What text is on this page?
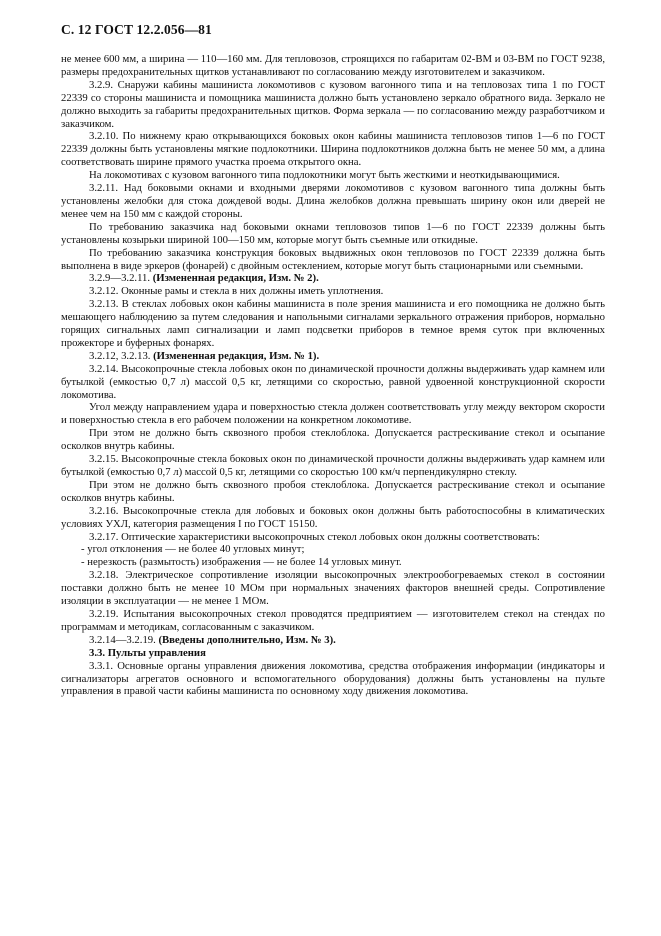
С. 12 ГОСТ 12.2.056—81

не менее 600 мм, а ширина — 110—160 мм. Для тепловозов, строящихся по габаритам 02-ВМ и 03-ВМ по ГОСТ 9238, размеры предохранительных щитков устанавливают по согласованию между изготовителем и заказчиком.

3.2.9. Снаружи кабины машиниста локомотивов с кузовом вагонного типа и на тепловозах типа 1 по ГОСТ 22339 со стороны машиниста и помощника машиниста должно быть установлено зеркало обратного вида. Зеркало не должно выходить за габариты предохранительных щитков. Форма зеркала — по согласованию между разработчиком и заказчиком.

3.2.10. По нижнему краю открывающихся боковых окон кабины машиниста тепловозов типов 1—6 по ГОСТ 22339 должны быть установлены мягкие подлокотники. Ширина подлокотников должна быть не менее 50 мм, а длина соответствовать ширине прямого участка проема открытого окна.

На локомотивах с кузовом вагонного типа подлокотники могут быть жесткими и неоткидывающимися.

3.2.11. Над боковыми окнами и входными дверями локомотивов с кузовом вагонного типа должны быть установлены желобки для стока дождевой воды. Длина желобков должна превышать ширину окон или дверей не менее чем на 150 мм с каждой стороны.

По требованию заказчика над боковыми окнами тепловозов типов 1—6 по ГОСТ 22339 должны быть установлены козырьки шириной 100—150 мм, которые могут быть съемные или откидные.

По требованию заказчика конструкция боковых выдвижных окон тепловозов по ГОСТ 22339 должна быть выполнена в виде эркеров (фонарей) с двойным остеклением, которые могут быть стационарными или съемными.

3.2.9—3.2.11. (Измененная редакция, Изм. № 2).

3.2.12. Оконные рамы и стекла в них должны иметь уплотнения.

3.2.13. В стеклах лобовых окон кабины машиниста в поле зрения машиниста и его помощника не должно быть мешающего наблюдению за путем следования и напольными сигналами зеркального отражения приборов, нормально горящих сигнальных ламп сигнализации и ламп подсветки приборов в темное время суток при включенных прожекторе и буферных фонарях.

3.2.12, 3.2.13. (Измененная редакция, Изм. № 1).

3.2.14. Высокопрочные стекла лобовых окон по динамической прочности должны выдерживать удар камнем или бутылкой (емкостью 0,7 л) массой 0,5 кг, летящими со скоростью, равной удвоенной конструкционной скорости локомотива.

Угол между направлением удара и поверхностью стекла должен соответствовать углу между вектором скорости и поверхностью стекла в его рабочем положении на конкретном локомотиве.

При этом не должно быть сквозного пробоя стеклоблока. Допускается растрескивание стекол и осыпание осколков внутрь кабины.

3.2.15. Высокопрочные стекла боковых окон по динамической прочности должны выдерживать удар камнем или бутылкой (емкостью 0,7 л) массой 0,5 кг, летящими со скоростью 100 км/ч перпендикулярно стеклу.

При этом не должно быть сквозного пробоя стеклоблока. Допускается растрескивание стекол и осыпание осколков внутрь кабины.

3.2.16. Высокопрочные стекла для лобовых и боковых окон должны быть работоспособны в климатических условиях УХЛ, категория размещения I по ГОСТ 15150.

3.2.17. Оптические характеристики высокопрочных стекол лобовых окон должны соответствовать:

- угол отклонения — не более 40 угловых минут;

- нерезкость (размытость) изображения — не более 14 угловых минут.

3.2.18. Электрическое сопротивление изоляции высокопрочных электрообогреваемых стекол в состоянии поставки должно быть не менее 10 МОм при нормальных значениях факторов внешней среды. Сопротивление изоляции в эксплуатации — не менее 1 МОм.

3.2.19. Испытания высокопрочных стекол проводятся предприятием — изготовителем стекол на стендах по программам и методикам, согласованным с заказчиком.

3.2.14—3.2.19. (Введены дополнительно, Изм. № 3).

3.3. Пульты управления

3.3.1. Основные органы управления движения локомотива, средства отображения информации (индикаторы и сигнализаторы агрегатов основного и вспомогательного оборудования) должны быть установлены на пульте управления в правой части кабины машиниста по основному ходу движения локомотива.
